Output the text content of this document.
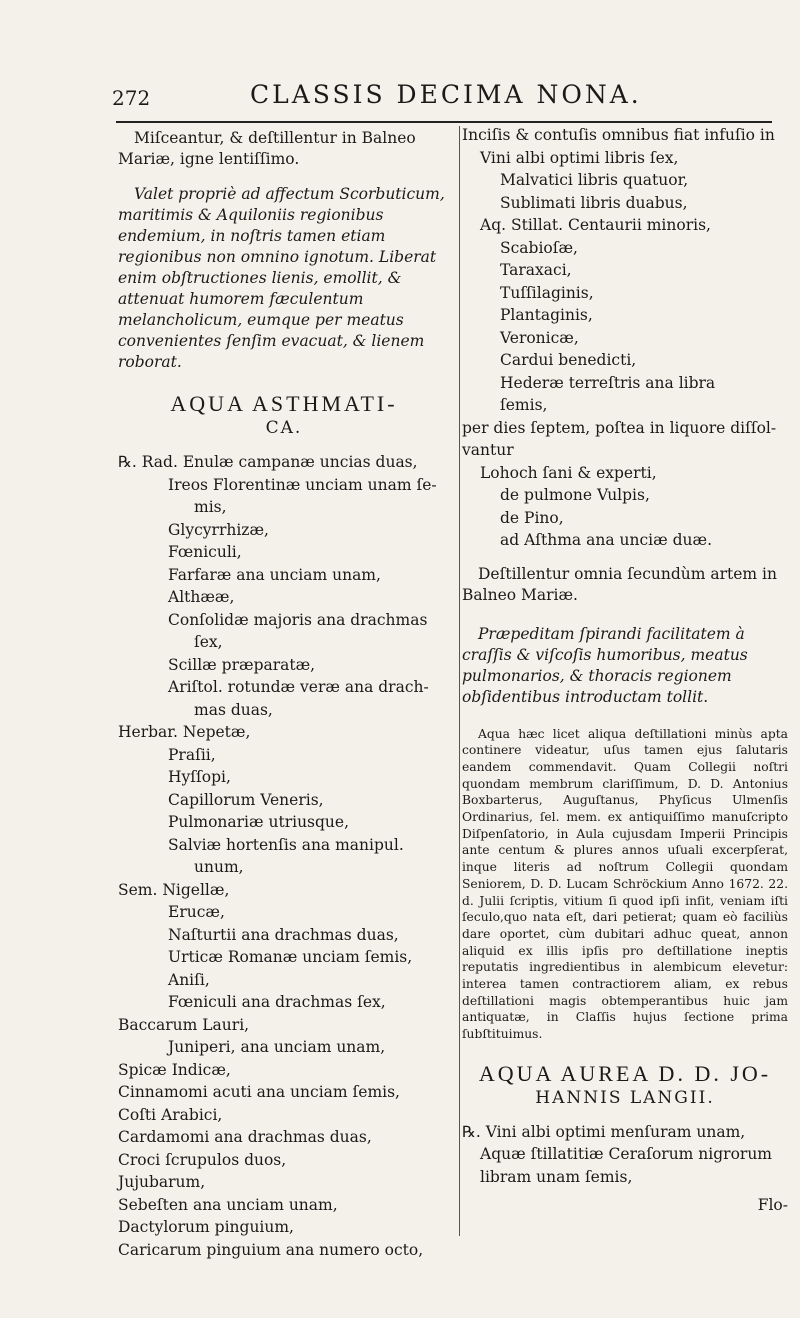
272	CLASSIS DECIMA NONA.

Miſceantur, & deſtillentur in Balneo Mariæ, igne lentiſſimo.

Valet propriè ad affectum Scorbuticum, maritimis & Aquiloniis regionibus endemium, in noſtris tamen etiam regionibus non omnino ignotum. Liberat enim obſtructiones lienis, emollit, & attenuat humorem fæculentum melancholicum, eumque per meatus convenientes ſenſim evacuat, & lienem roborat.

AQUA ASTHMATI-
CA.

℞. Rad. Enulæ campanæ uncias duas,

Ireos Florentinæ unciam unam ſe-

mis,

Glycyrrhizæ,

Fœniculi,

Farfaræ ana unciam unam,

Althææ,

Conſolidæ majoris ana drachmas

ſex,

Scillæ præparatæ,

Ariſtol. rotundæ veræ ana drach-

mas duas,

Herbar. Nepetæ,

Praſii,

Hyſſopi,

Capillorum Veneris,

Pulmonariæ utriusque,

Salviæ hortenſis ana manipul.

unum,

Sem. Nigellæ,

Erucæ,

Naſturtii ana drachmas duas,

Urticæ Romanæ unciam ſemis,

Aniſi,

Fœniculi ana drachmas ſex,

Baccarum Lauri,

Juniperi, ana unciam unam,

Spicæ Indicæ,

Cinnamomi acuti ana unciam ſemis,

Coſti Arabici,

Cardamomi ana drachmas duas,

Croci ſcrupulos duos,

Jujubarum,

Sebeſten ana unciam unam,

Dactylorum pinguium,

Caricarum pinguium ana numero octo,

Inciſis & contuſis omnibus fiat infuſio in

Vini albi optimi libris ſex,

Malvatici libris quatuor,

Sublimati libris duabus,

Aq. Stillat. Centaurii minoris,

Scabioſæ,

Taraxaci,

Tuſſilaginis,

Plantaginis,

Veronicæ,

Cardui benedicti,

Hederæ terreſtris ana libra

ſemis,

per dies ſeptem, poſtea in liquore diſſol-

vantur

Lohoch ſani & experti,

de pulmone Vulpis,

de Pino,

ad Aſthma ana unciæ duæ.

Deſtillentur omnia ſecundùm artem in Balneo Mariæ.

Præpeditam ſpirandi facilitatem à craſſis & viſcoſis humoribus, meatus pulmonarios, & thoracis regionem obſidentibus introductam tollit.

Aqua hæc licet aliqua deſtillationi minùs apta continere videatur, uſus tamen ejus ſalutaris eandem commendavit. Quam Collegii noſtri quondam membrum clariſſimum, D. D. Antonius Boxbarterus, Auguſtanus, Phyſicus Ulmenſis Ordinarius, ſel. mem. ex antiquiſſimo manuſcripto Diſpenſatorio, in Aula cujusdam Imperii Principis ante centum & plures annos uſuali excerpſerat, inque literis ad noſtrum Collegii quondam Seniorem, D. D. Lucam Schröckium Anno 1672. 22. d. Julii ſcriptis, vitium ſi quod ipſi inſit, veniam iſti ſeculo,quo nata eſt, dari petierat; quam eò faciliùs dare oportet, cùm dubitari adhuc queat, annon aliquid ex illis ipſis pro deſtillatione ineptis reputatis ingredientibus in alembicum elevetur: interea tamen contractiorem aliam, ex rebus deſtillationi magis obtemperantibus huic jam antiquatæ, in Claſſis hujus ſectione prima ſubſtituimus.

AQUA AUREA D. D. JO-
HANNIS LANGII.

℞. Vini albi optimi menſuram unam,

Aquæ ſtillatitiæ Ceraſorum nigrorum

libram unam ſemis,

Flo-
